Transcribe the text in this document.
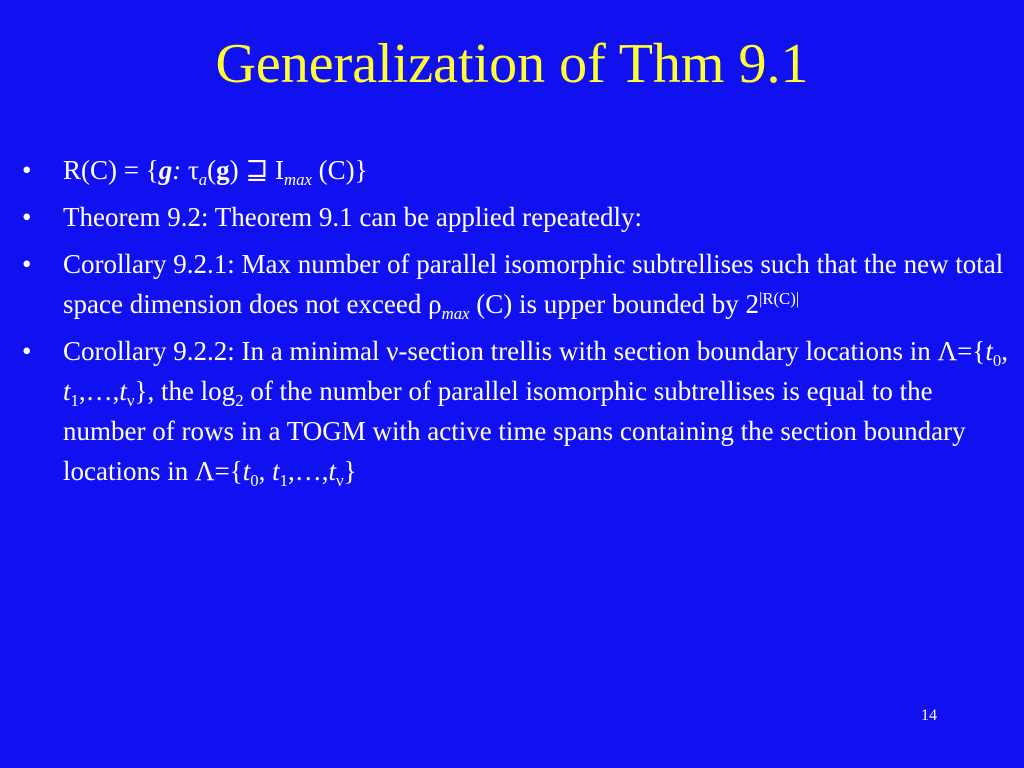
Generalization of Thm 9.1
•	R(C) = {g: $\tau_a(g)$ ⊒ $I_{max}$ (C)}
•	Theorem 9.2: Theorem 9.1 can be applied repeatedly:
•	Corollary 9.2.1: Max number of parallel isomorphic subtrellises such that the new total space dimension does not exceed $\rho_{max}$ (C) is upper bounded by $2^{|R(C)|}$
•	Corollary 9.2.2: In a minimal ν-section trellis with section boundary locations in $\Lambda=\{t_0$, $t_1,\dots,t_\nu$}, the $\log_2$ of the number of parallel isomorphic subtrellises is equal to the number of rows in a TOGM with active time spans containing the section boundary locations in $\Lambda=\{t_0$, $t_1,\dots,t_\nu$}
14
